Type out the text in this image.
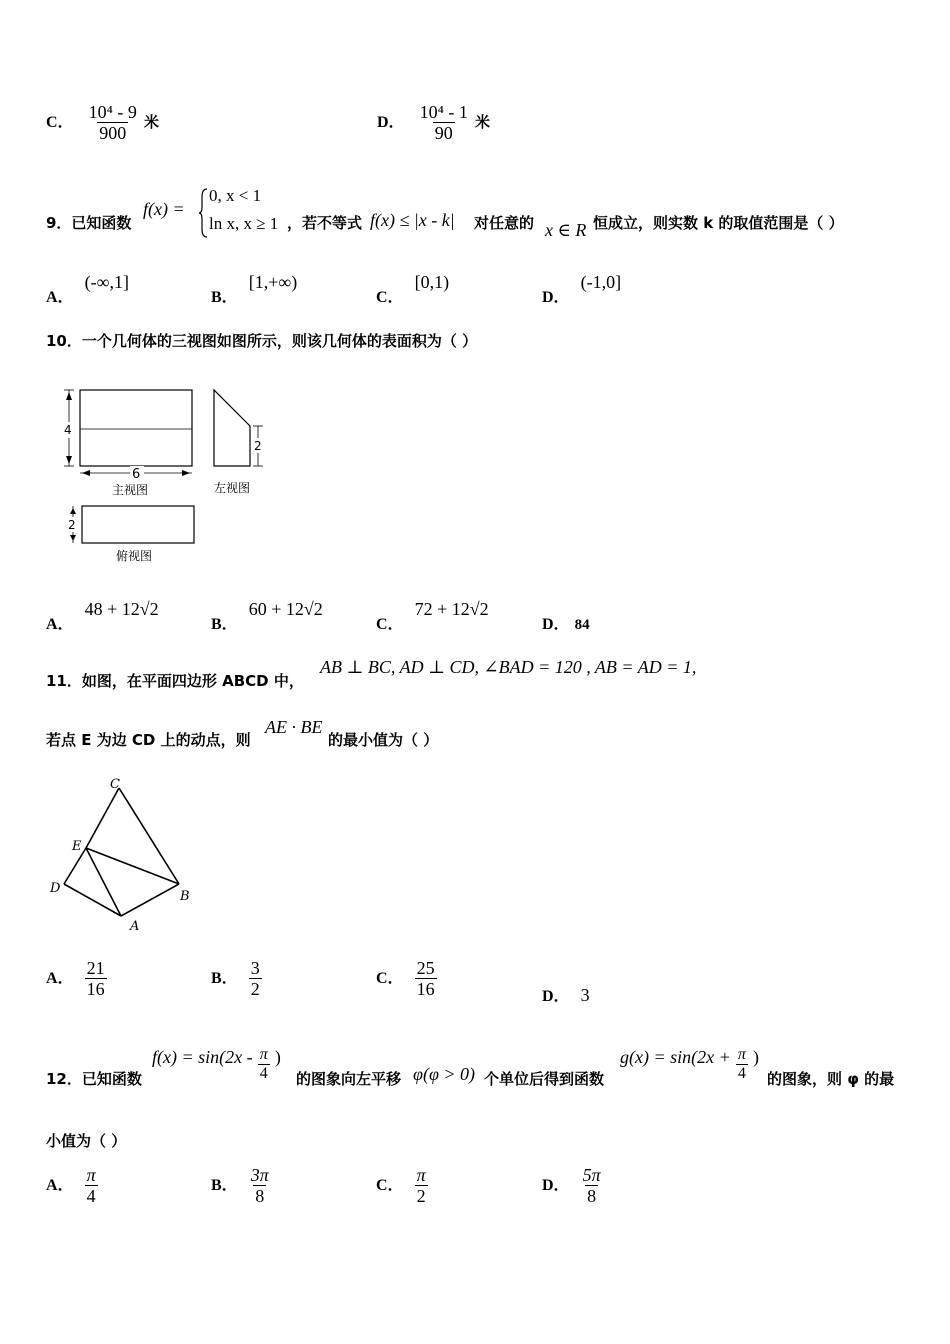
C． $\frac{\text{10⁴ - 9}}{900}$ 米	D． $\frac{\text{10⁴ - 1}}{90}$ 米
9．已知函数
f(x) =
0, x < 1
ln x, x ≥ 1 ，若不等式 f(x) ≤ |x - k| 对任意的 x ∈ R 恒成立，则实数 k 的取值范围是（ ）
A． (-∞,1]
B． [1,+∞)
C． [0,1)
D． (-1,0]
10．一个几何体的三视图如图所示，则该几何体的表面积为（ ）
4
6
主视图
2
左视图
2
俯视图
A． 48 + 12√2
B． 60 + 12√2
C． 72 + 12√2
D． 84
11．如图，在平面四边形 ABCD 中，
AB ⊥ BC, AD ⊥ CD, ∠BAD = 120 , AB = AD = 1,
若点 E 为边 CD 上的动点，则
AE · BE
的最小值为（ ）
C
E
D
B
A
A． $\frac{21}{16}$	B． $\frac{3}{2}$	C． $\frac{25}{16}$	D． 3
12．已知函数
$f(x) = \sin(2x - \frac{\pi}{4}$ )
的图象向左平移 φ(φ > 0) 个单位后得到函数
$g(x) = \sin(2x + \frac{\pi}{4}$ )
的图象，则 φ 的最
小值为（ ）
A． $\frac{\pi}{4}$	B． $\frac{3\pi}{8}$	C． $\frac{\pi}{2}$	D． $\frac{5\pi}{8}$
